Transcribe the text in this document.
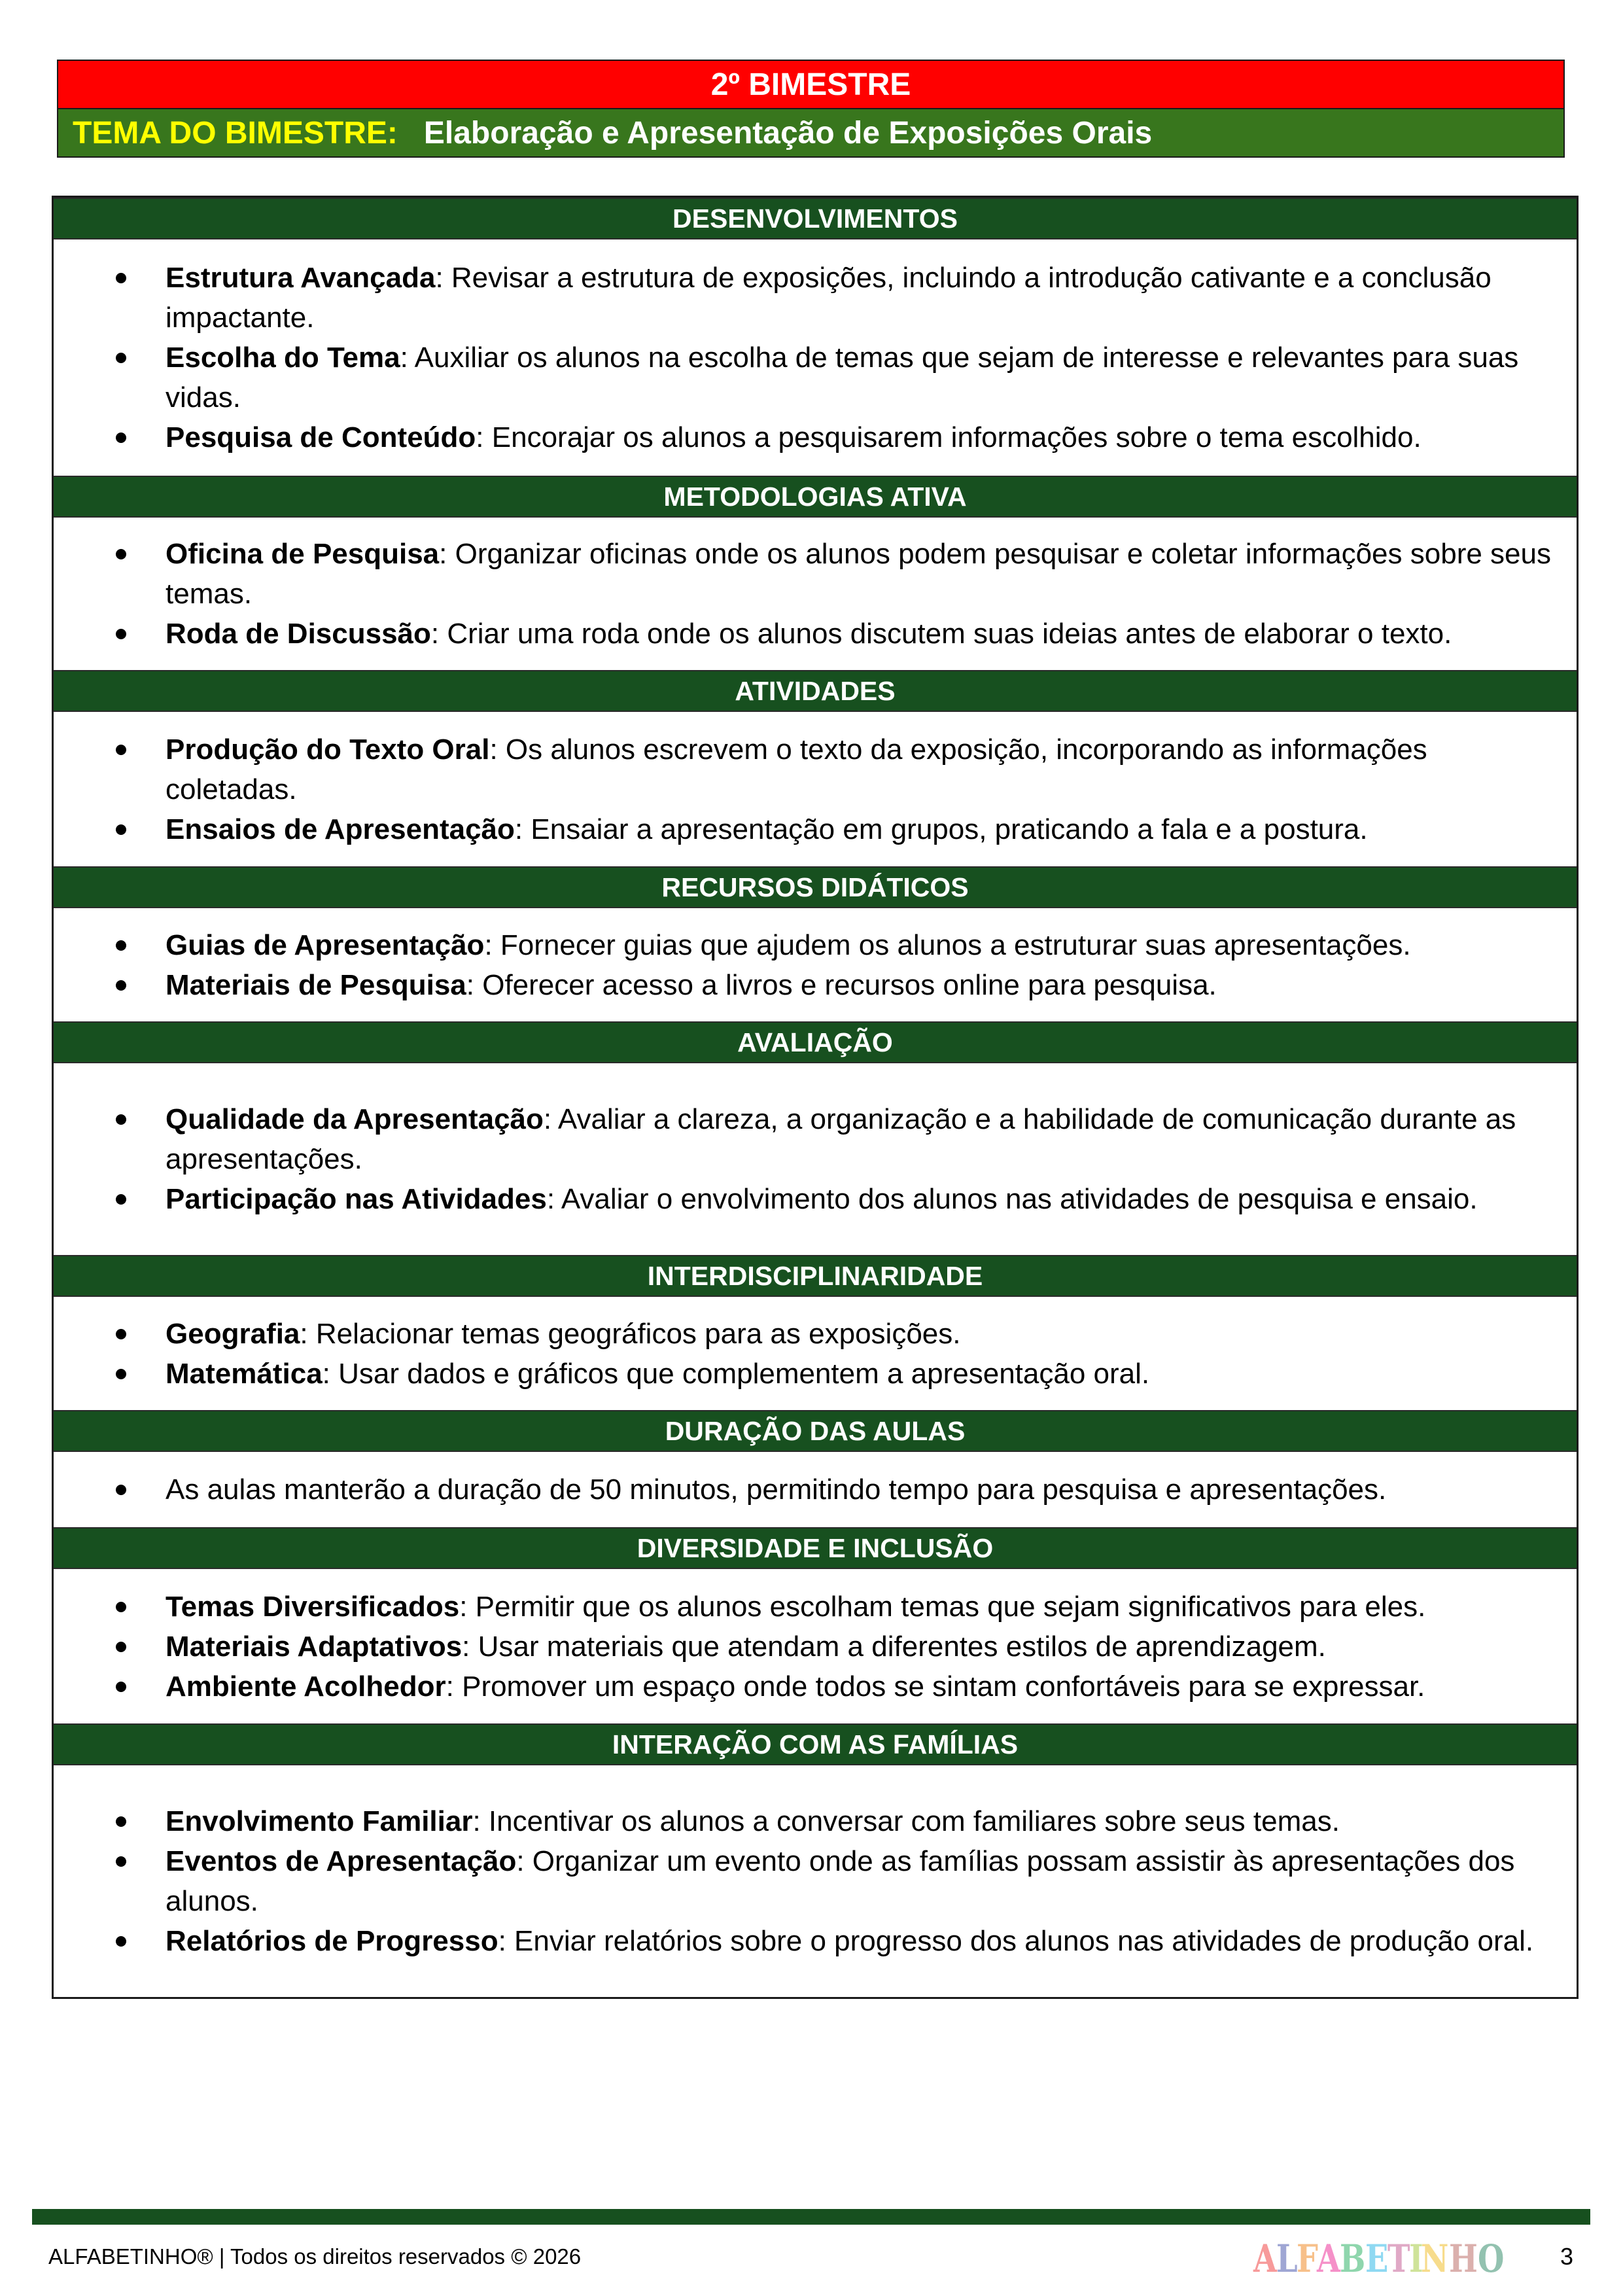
2º BIMESTRE
TEMA DO BIMESTRE: Elaboração e Apresentação de Exposições Orais
DESENVOLVIMENTOS
Estrutura Avançada: Revisar a estrutura de exposições, incluindo a introdução cativante e a conclusão impactante.
Escolha do Tema: Auxiliar os alunos na escolha de temas que sejam de interesse e relevantes para suas vidas.
Pesquisa de Conteúdo: Encorajar os alunos a pesquisarem informações sobre o tema escolhido.
METODOLOGIAS ATIVA
Oficina de Pesquisa: Organizar oficinas onde os alunos podem pesquisar e coletar informações sobre seus temas.
Roda de Discussão: Criar uma roda onde os alunos discutem suas ideias antes de elaborar o texto.
ATIVIDADES
Produção do Texto Oral: Os alunos escrevem o texto da exposição, incorporando as informações coletadas.
Ensaios de Apresentação: Ensaiar a apresentação em grupos, praticando a fala e a postura.
RECURSOS DIDÁTICOS
Guias de Apresentação: Fornecer guias que ajudem os alunos a estruturar suas apresentações.
Materiais de Pesquisa: Oferecer acesso a livros e recursos online para pesquisa.
AVALIAÇÃO
Qualidade da Apresentação: Avaliar a clareza, a organização e a habilidade de comunicação durante as apresentações.
Participação nas Atividades: Avaliar o envolvimento dos alunos nas atividades de pesquisa e ensaio.
INTERDISCIPLINARIDADE
Geografia: Relacionar temas geográficos para as exposições.
Matemática: Usar dados e gráficos que complementem a apresentação oral.
DURAÇÃO DAS AULAS
As aulas manterão a duração de 50 minutos, permitindo tempo para pesquisa e apresentações.
DIVERSIDADE E INCLUSÃO
Temas Diversificados: Permitir que os alunos escolham temas que sejam significativos para eles.
Materiais Adaptativos: Usar materiais que atendam a diferentes estilos de aprendizagem.
Ambiente Acolhedor: Promover um espaço onde todos se sintam confortáveis para se expressar.
INTERAÇÃO COM AS FAMÍLIAS
Envolvimento Familiar: Incentivar os alunos a conversar com familiares sobre seus temas.
Eventos de Apresentação: Organizar um evento onde as famílias possam assistir às apresentações dos alunos.
Relatórios de Progresso: Enviar relatórios sobre o progresso dos alunos nas atividades de produção oral.
ALFABETINHO® | Todos os direitos reservados © 2026	ALFABETINHO 3
